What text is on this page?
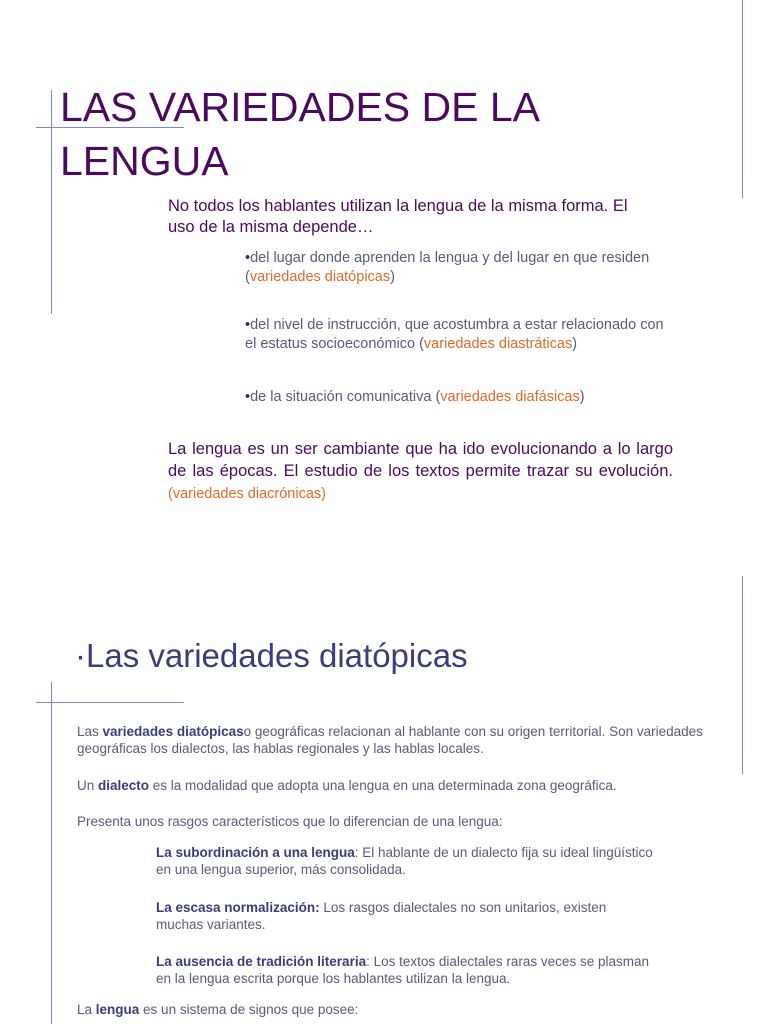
LAS VARIEDADES DE LA LENGUA
No todos los hablantes utilizan la lengua de la misma forma. El uso de la misma depende…
•del lugar donde aprenden la lengua y del lugar en que residen (variedades diatópicas)
•del nivel de instrucción, que acostumbra a estar relacionado con el estatus socioeconómico (variedades diastráticas)
•de la situación comunicativa (variedades diafásicas)
La lengua es un ser cambiante que ha ido evolucionando a lo largo de las épocas. El estudio de los textos permite trazar su evolución. (variedades diacrónicas)
·Las variedades diatópicas
Las variedades diatópicaso geográficas relacionan al hablante con su origen territorial. Son variedades geográficas los dialectos, las hablas regionales y las hablas locales.
Un dialecto es la modalidad que adopta una lengua en una determinada zona geográfica.
Presenta unos rasgos característicos que lo diferencian de una lengua:
La subordinación a una lengua: El hablante de un dialecto fija su ideal lingüístico en una lengua superior, más consolidada.
La escasa normalización: Los rasgos dialectales no son unitarios, existen muchas variantes.
La ausencia de tradición literaria: Los textos dialectales raras veces se plasman en la lengua escrita porque los hablantes utilizan la lengua.
La lengua es un sistema de signos que posee:
